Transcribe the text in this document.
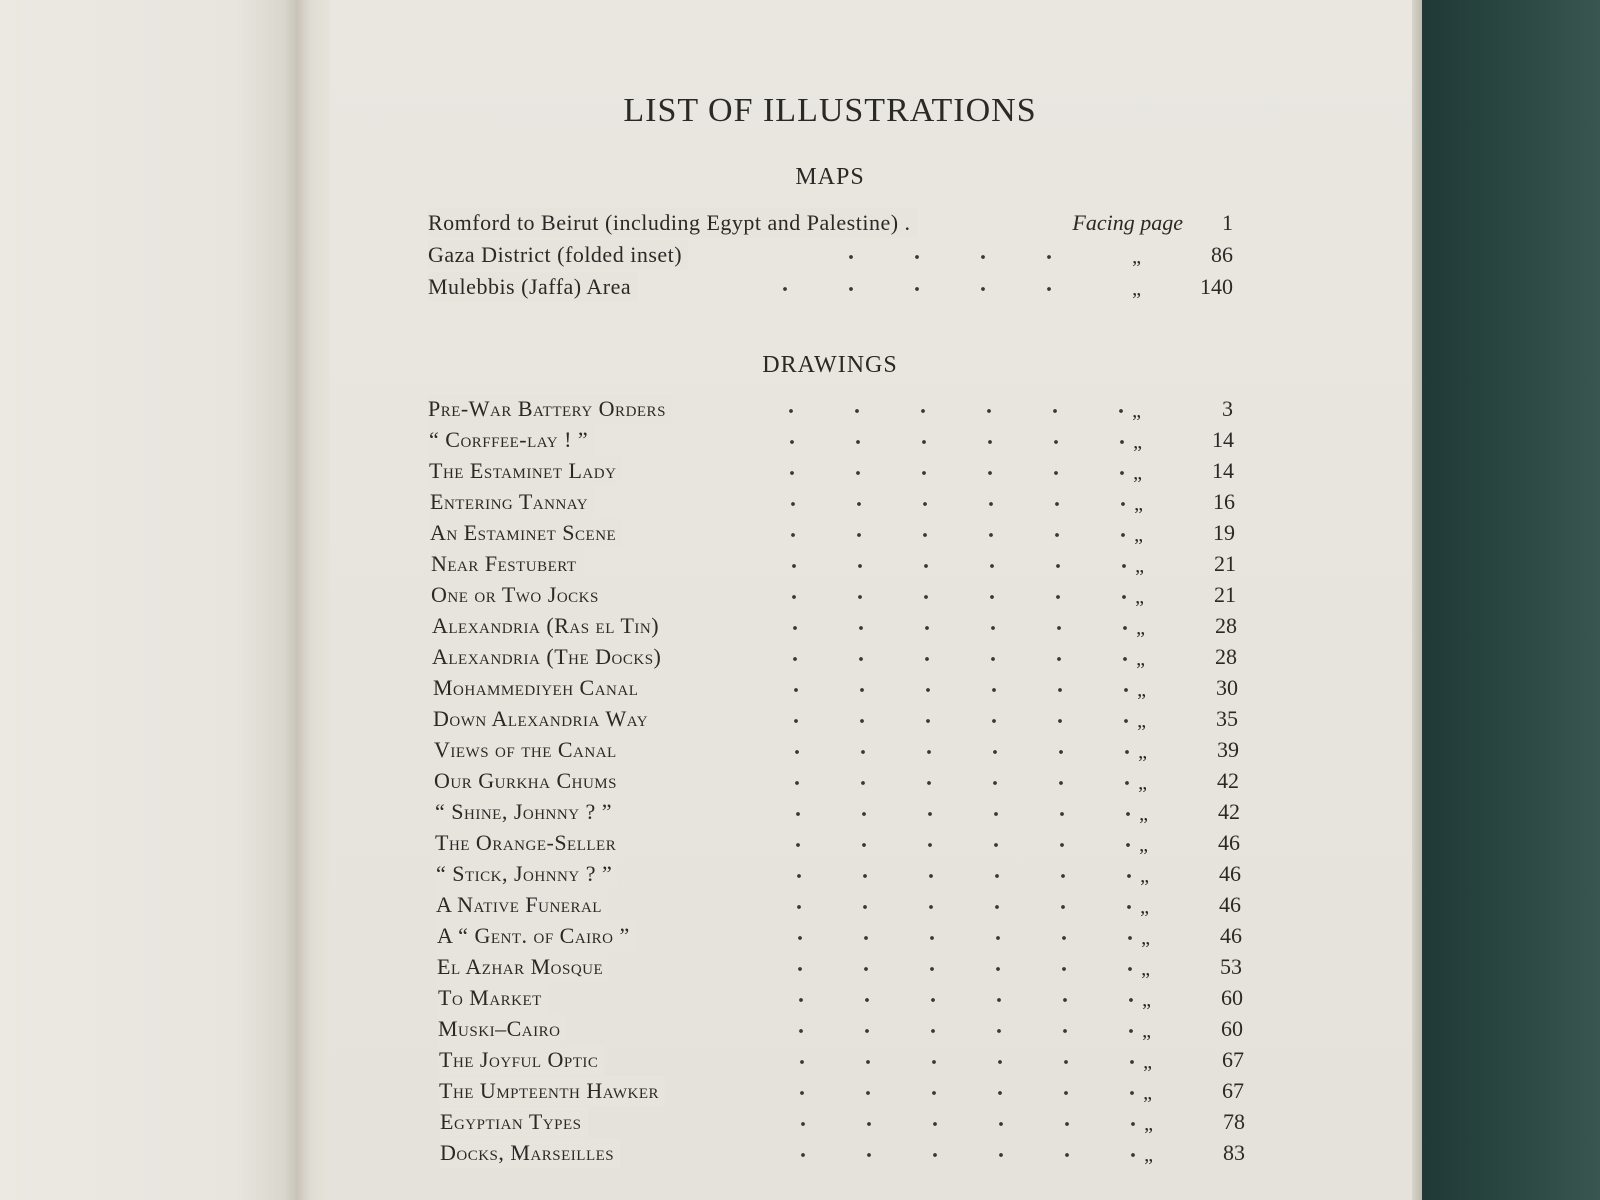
LIST OF ILLUSTRATIONS
MAPS
Romford to Beirut (including Egypt and Palestine) .	Facing page	1
Gaza District (folded inset)	„	86
Mulebbis (Jaffa) Area	„	140
DRAWINGS
Pre-War Battery Orders	„	3
“ Corffee-lay ! ”	„	14
The Estaminet Lady	„	14
Entering Tannay	„	16
An Estaminet Scene	„	19
Near Festubert	„	21
One or Two Jocks	„	21
Alexandria (Ras el Tin)	„	28
Alexandria (The Docks)	„	28
Mohammediyeh Canal	„	30
Down Alexandria Way	„	35
Views of the Canal	„	39
Our Gurkha Chums	„	42
“ Shine, Johnny ? ”	„	42
The Orange-Seller	„	46
“ Stick, Johnny ? ”	„	46
A Native Funeral	„	46
A “ Gent. of Cairo ”	„	46
El Azhar Mosque	„	53
To Market	„	60
Muski–Cairo	„	60
The Joyful Optic	„	67
The Umpteenth Hawker	„	67
Egyptian Types	„	78
Docks, Marseilles	„	83
